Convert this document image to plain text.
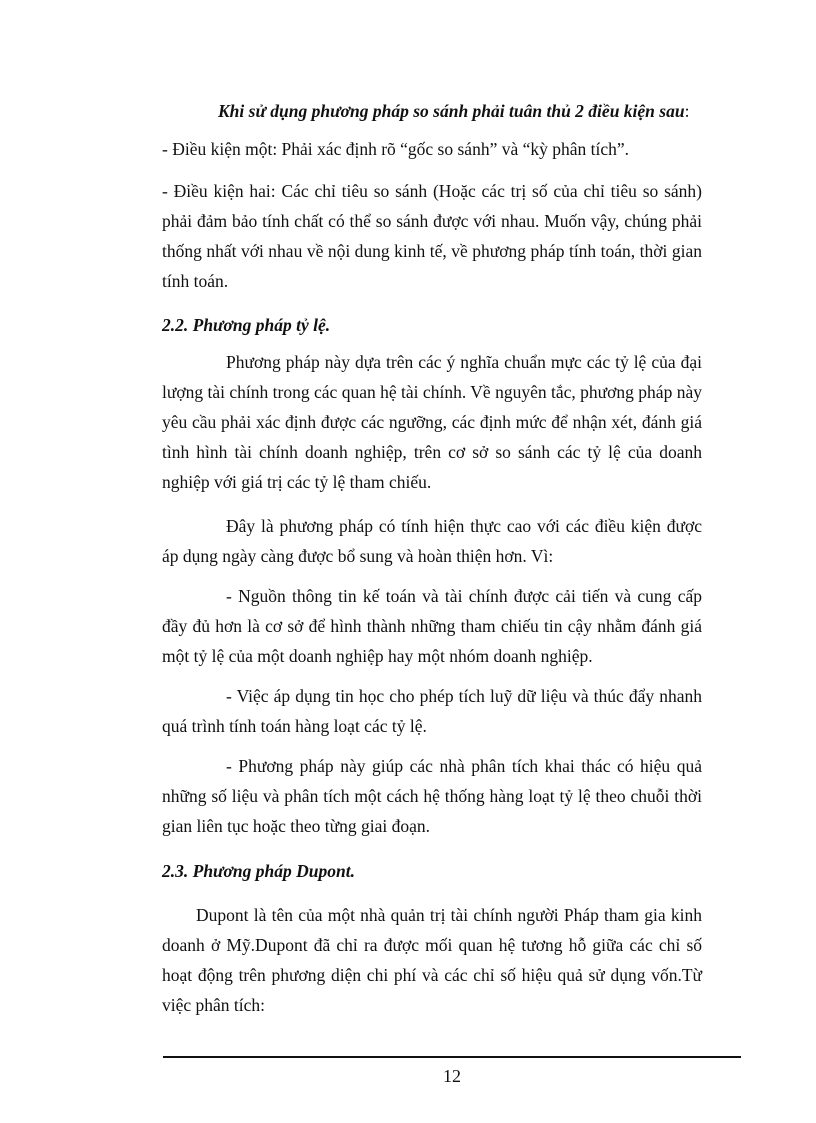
Khi sử dụng phương pháp so sánh phải tuân thủ 2 điều kiện sau:

- Điều kiện một: Phải xác định rõ “gốc so sánh” và “kỳ phân tích”.

- Điều kiện hai: Các chỉ tiêu so sánh (Hoặc các trị số của chỉ tiêu so sánh) phải đảm bảo tính chất có thể so sánh được với nhau. Muốn vậy, chúng phải thống nhất với nhau về nội dung kinh tế, về phương pháp tính toán, thời gian tính toán.

2.2. Phương pháp tỷ lệ.

Phương pháp này dựa trên các ý nghĩa chuẩn mực các tỷ lệ của đại lượng tài chính trong các quan hệ tài chính. Về nguyên tắc, phương pháp này yêu cầu phải xác định được các ngưỡng, các định mức để nhận xét, đánh giá tình hình tài chính doanh nghiệp, trên cơ sở so sánh các tỷ lệ của doanh nghiệp với giá trị các tỷ lệ tham chiếu.

Đây là phương pháp có tính hiện thực cao với các điều kiện được áp dụng ngày càng được bổ sung và hoàn thiện hơn. Vì:

- Nguồn thông tin kế toán và tài chính được cải tiến và cung cấp đầy đủ hơn là cơ sở để hình thành những tham chiếu tin cậy nhằm đánh giá một tỷ lệ của một doanh nghiệp hay một nhóm doanh nghiệp.

- Việc áp dụng tin học cho phép tích luỹ dữ liệu và thúc đẩy nhanh quá trình tính toán hàng loạt các tỷ lệ.

- Phương pháp này giúp các nhà phân tích khai thác có hiệu quả những số liệu và phân tích một cách hệ thống hàng loạt tỷ lệ theo chuỗi thời gian liên tục hoặc theo từng giai đoạn.

2.3. Phương pháp Dupont.

Dupont là tên của một nhà quản trị tài chính người Pháp tham gia kinh doanh ở Mỹ.Dupont đã chỉ ra được mối quan hệ tương hỗ giữa các chỉ số hoạt động trên phương diện chi phí và các chỉ số hiệu quả sử dụng vốn.Từ việc phân tích:

12
